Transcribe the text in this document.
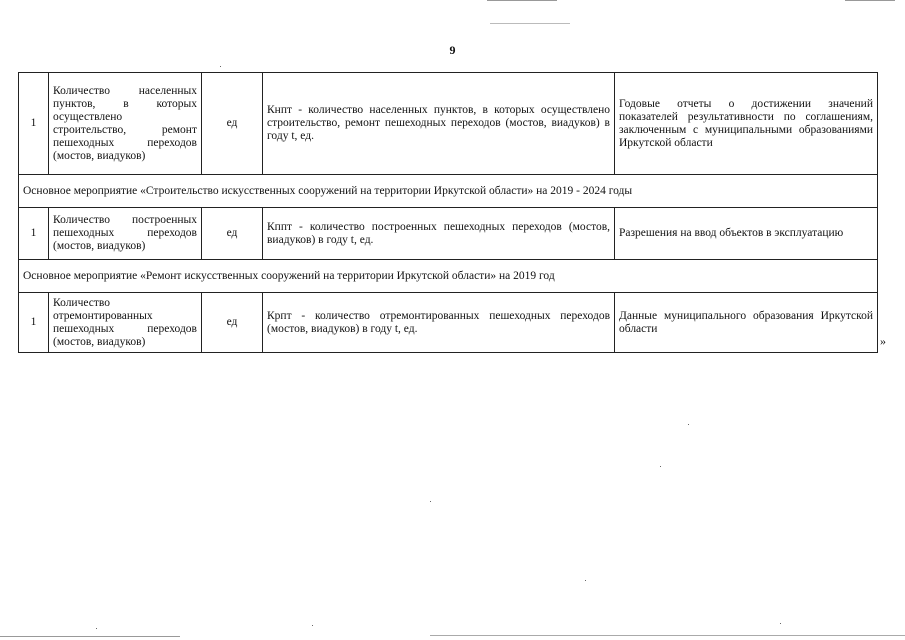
9
1	Количество населенных пунктов, в которых осуществлено строительство, ремонт пешеходных переходов (мостов, виадуков)	ед	Кнпт - количество населенных пунктов, в которых осуществлено строительство, ремонт пешеходных переходов (мостов, виадуков) в году t, ед.	Годовые отчеты о достижении значений показателей результативности по соглашениям, заключенным с муниципальными образованиями Иркутской области
Основное мероприятие «Строительство искусственных сооружений на территории Иркутской области» на 2019 - 2024 годы				
1	Количество построенных пешеходных переходов (мостов, виадуков)	ед	Кппт - количество построенных пешеходных переходов (мостов, виадуков) в году t, ед.	Разрешения на ввод объектов в эксплуатацию
Основное мероприятие «Ремонт искусственных сооружений на территории Иркутской области» на 2019 год				
1	Количество отремонтированных пешеходных переходов (мостов, виадуков)	ед	Крпт - количество отремонтированных пешеходных переходов (мостов, виадуков) в году t, ед.	Данные муниципального образования Иркутской области
»
